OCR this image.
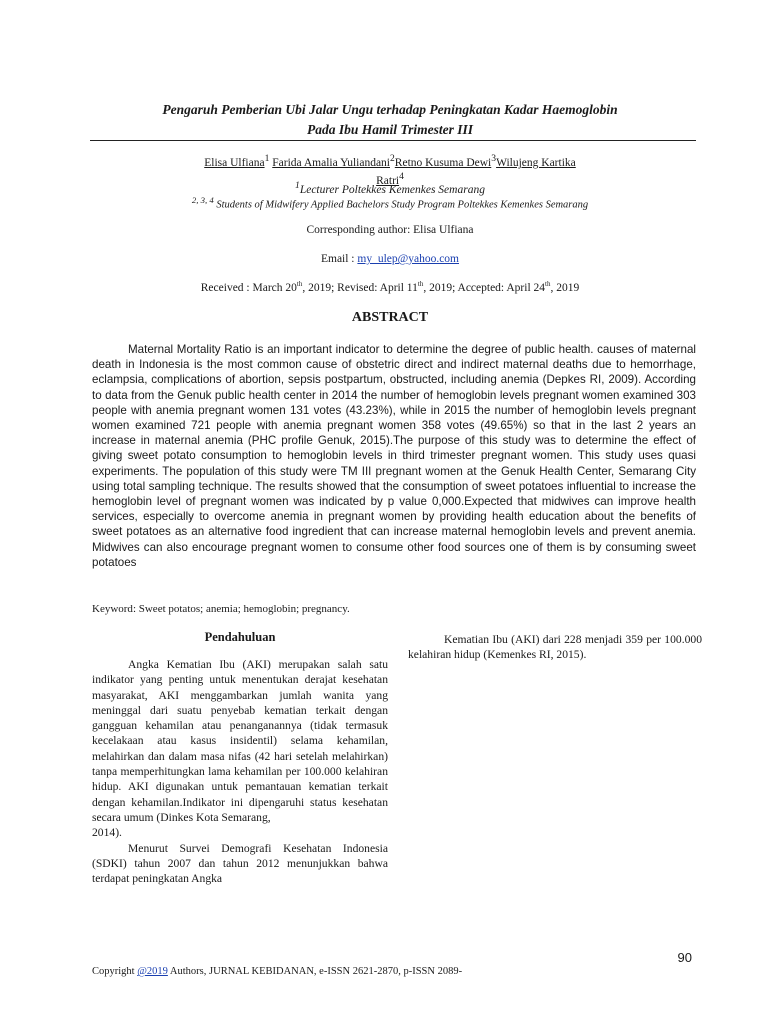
Pengaruh Pemberian Ubi Jalar Ungu terhadap Peningkatan Kadar Haemoglobin
Pada Ibu Hamil Trimester III
Elisa Ulfiana$^1$ Farida Amalia Yuliandani$^2$Retno Kusuma Dewi$^3$Wilujeng Kartika
Ratri$^4$
$^1$Lecturer Poltekkes Kemenkes Semarang
$^{2, 3, 4}$ Students of Midwifery Applied Bachelors Study Program Poltekkes Kemenkes Semarang
Corresponding author: Elisa Ulfiana
Email : my_ulep@yahoo.com
Received : March 20th, 2019; Revised: April 11th, 2019; Accepted: April 24th, 2019
ABSTRACT

Maternal Mortality Ratio is an important indicator to determine the degree of public health. causes of maternal death in Indonesia is the most common cause of obstetric direct and indirect maternal deaths due to hemorrhage, eclampsia, complications of abortion, sepsis postpartum, obstructed, including anemia (Depkes RI, 2009). According to data from the Genuk public health center in 2014 the number of hemoglobin levels pregnant women examined 303 people with anemia pregnant women 131 votes (43.23%), while in 2015 the number of hemoglobin levels pregnant women examined 721 people with anemia pregnant women 358 votes (49.65%) so that in the last 2 years an increase in maternal anemia (PHC profile Genuk, 2015).The purpose of this study was to determine the effect of giving sweet potato consumption to hemoglobin levels in third trimester pregnant women. This study uses quasi experiments. The population of this study were TM III pregnant women at the Genuk Health Center, Semarang City using total sampling technique. The results showed that the consumption of sweet potatoes influential to increase the hemoglobin level of pregnant women was indicated by p value 0,000.Expected that midwives can improve health services, especially to overcome anemia in pregnant women by providing health education about the benefits of sweet potatoes as an alternative food ingredient that can increase maternal hemoglobin levels and prevent anemia. Midwives can also encourage pregnant women to consume other food sources one of them is by consuming sweet potatoes

Keyword: Sweet potatos; anemia; hemoglobin; pregnancy.
Pendahuluan

Angka Kematian Ibu (AKI) merupakan salah satu indikator yang penting untuk menentukan derajat kesehatan masyarakat, AKI menggambarkan jumlah wanita yang meninggal dari suatu penyebab kematian terkait dengan gangguan kehamilan atau penanganannya (tidak termasuk kecelakaan atau kasus insidentil) selama kehamilan, melahirkan dan dalam masa nifas (42 hari setelah melahirkan) tanpa memperhitungkan lama kehamilan per 100.000 kelahiran hidup. AKI digunakan untuk pemantauan kematian terkait dengan kehamilan.Indikator ini dipengaruhi status kesehatan secara umum (Dinkes Kota Semarang,

2014).

Menurut Survei Demografi Kesehatan Indonesia (SDKI) tahun 2007 dan tahun 2012 menunjukkan bahwa terdapat peningkatan Angka

Kematian Ibu (AKI) dari 228 menjadi 359 per 100.000 kelahiran hidup (Kemenkes RI, 2015).

90
Copyright @2019 Authors, JURNAL KEBIDANAN, e-ISSN 2621-2870, p-ISSN 2089-
